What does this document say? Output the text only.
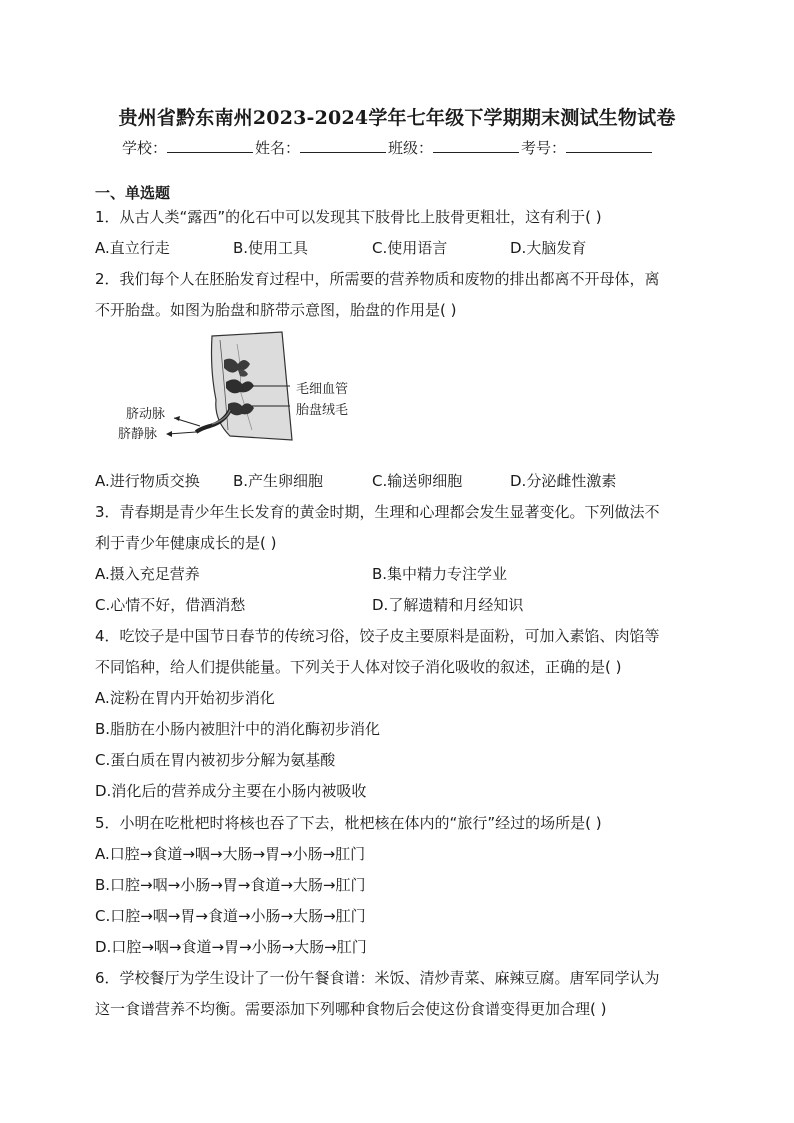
贵州省黔东南州2023-2024学年七年级下学期期末测试生物试卷
学校：	姓名：	班级：	考号：
一、单选题
1．从古人类“露西”的化石中可以发现其下肢骨比上肢骨更粗壮，这有利于( )
A.直立行走	B.使用工具	C.使用语言	D.大脑发育
2．我们每个人在胚胎发育过程中，所需要的营养物质和废物的排出都离不开母体，离
不开胎盘。如图为胎盘和脐带示意图，胎盘的作用是( )
毛细血管
胎盘绒毛
脐动脉
脐静脉
A.进行物质交换 B.产生卵细胞	C.输送卵细胞	D.分泌雌性激素
3．青春期是青少年生长发育的黄金时期，生理和心理都会发生显著变化。下列做法不
利于青少年健康成长的是( )
A.摄入充足营养	B.集中精力专注学业
C.心情不好，借酒消愁	D.了解遗精和月经知识
4．吃饺子是中国节日春节的传统习俗，饺子皮主要原料是面粉，可加入素馅、肉馅等
不同馅种，给人们提供能量。下列关于人体对饺子消化吸收的叙述，正确的是( )
A.淀粉在胃内开始初步消化
B.脂肪在小肠内被胆汁中的消化酶初步消化
C.蛋白质在胃内被初步分解为氨基酸
D.消化后的营养成分主要在小肠内被吸收
5．小明在吃枇杷时将核也吞了下去，枇杷核在体内的“旅行”经过的场所是( )
A.口腔→食道→咽→大肠→胃→小肠→肛门
B.口腔→咽→小肠→胃→食道→大肠→肛门
C.口腔→咽→胃→食道→小肠→大肠→肛门
D.口腔→咽→食道→胃→小肠→大肠→肛门
6．学校餐厅为学生设计了一份午餐食谱：米饭、清炒青菜、麻辣豆腐。唐军同学认为
这一食谱营养不均衡。需要添加下列哪种食物后会使这份食谱变得更加合理( )
